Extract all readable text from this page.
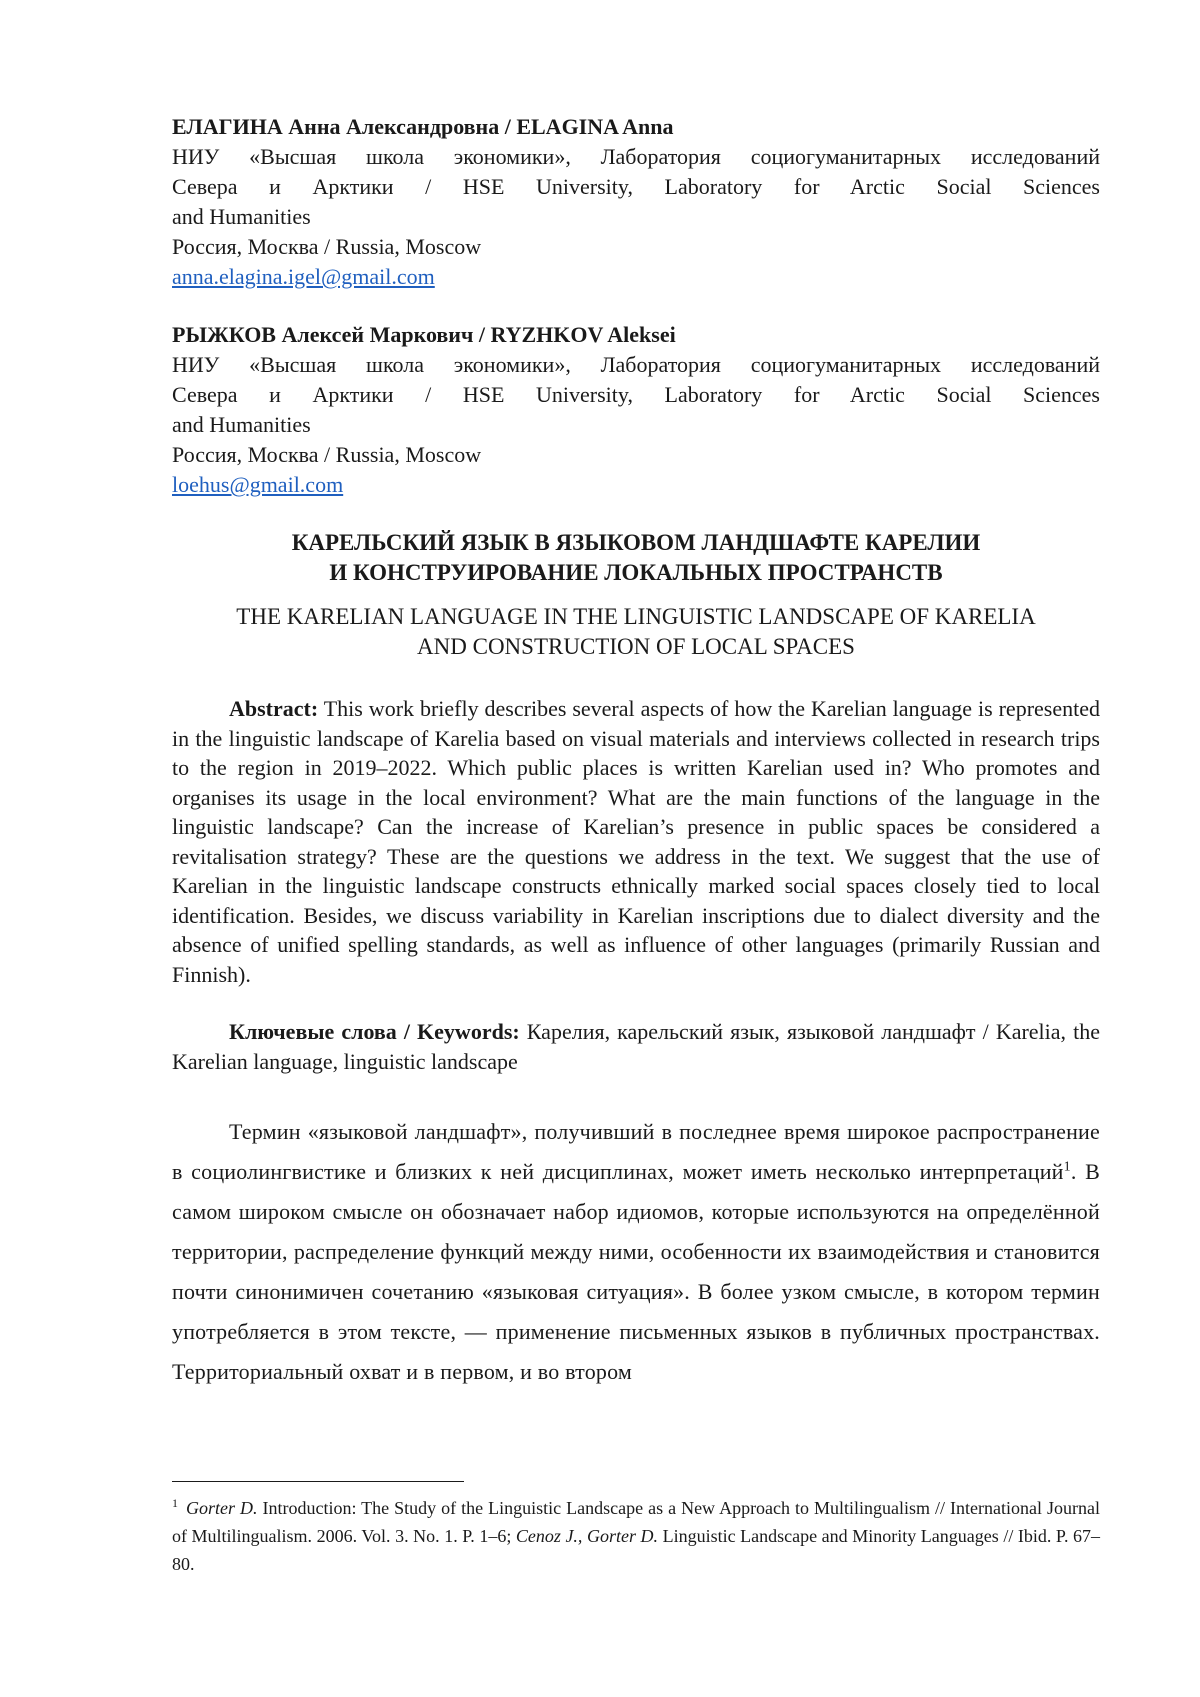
ЕЛАГИНА Анна Александровна / ELAGINA Anna

НИУ «Высшая школа экономики», Лаборатория социогуманитарных исследований
Севера и Арктики / HSE University, Laboratory for Arctic Social Sciences
and Humanities

Россия, Москва / Russia, Moscow

anna.elagina.igel@gmail.com

РЫЖКОВ Алексей Маркович / RYZHKOV Aleksei

НИУ «Высшая школа экономики», Лаборатория социогуманитарных исследований
Севера и Арктики / HSE University, Laboratory for Arctic Social Sciences
and Humanities

Россия, Москва / Russia, Moscow

loehus@gmail.com

КАРЕЛЬСКИЙ ЯЗЫК В ЯЗЫКОВОМ ЛАНДШАФТЕ КАРЕЛИИ
И КОНСТРУИРОВАНИЕ ЛОКАЛЬНЫХ ПРОСТРАНСТВ
THE KARELIAN LANGUAGE IN THE LINGUISTIC LANDSCAPE OF KARELIA
AND CONSTRUCTION OF LOCAL SPACES

Abstract: This work briefly describes several aspects of how the Karelian language is represented in the linguistic landscape of Karelia based on visual materials and interviews collected in research trips to the region in 2019–2022. Which public places is written Karelian used in? Who promotes and organises its usage in the local environment? What are the main functions of the language in the linguistic landscape? Can the increase of Karelian’s presence in public spaces be considered a revitalisation strategy? These are the questions we address in the text. We suggest that the use of Karelian in the linguistic landscape constructs ethnically marked social spaces closely tied to local identification. Besides, we discuss variability in Karelian inscriptions due to dialect diversity and the absence of unified spelling standards, as well as influence of other languages (primarily Russian and Finnish).

Ключевые слова / Keywords: Карелия, карельский язык, языковой ландшафт / Karelia, the Karelian language, linguistic landscape

Термин «языковой ландшафт», получивший в последнее время широкое распространение в социолингвистике и близких к ней дисциплинах, может иметь несколько интерпретаций$^1$. В самом широком смысле он обозначает набор идиомов, которые используются на определённой территории, распределение функций между ними, особенности их взаимодействия и становится почти синонимичен сочетанию «языковая ситуация». В более узком смысле, в котором термин употребляется в этом тексте, — применение письменных языков в публичных пространствах. Территориальный охват и в первом, и во втором

$^1$ Gorter D. Introduction: The Study of the Linguistic Landscape as a New Approach to Multilingualism // International Journal of Multilingualism. 2006. Vol. 3. No. 1. P. 1–6; Cenoz J., Gorter D. Linguistic Landscape and Minority Languages // Ibid. P. 67–80.
